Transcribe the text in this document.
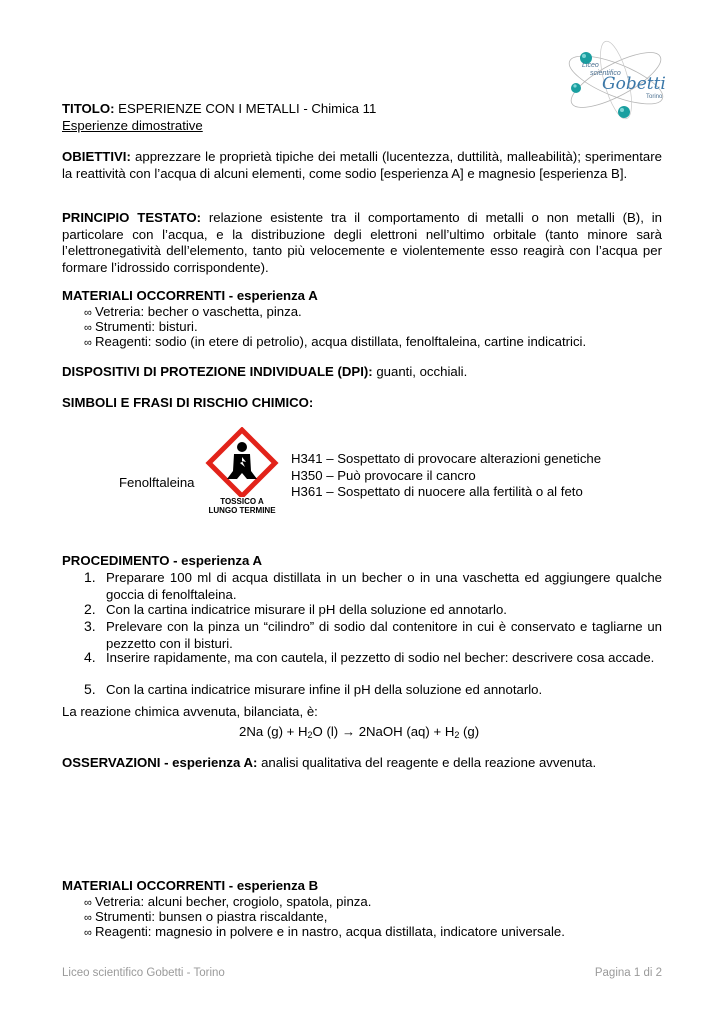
Liceo
scientifico
Gobetti
Torino
TITOLO: ESPERIENZE CON I METALLI - Chimica 11
Esperienze dimostrative
OBIETTIVI: apprezzare le proprietà tipiche dei metalli (lucentezza, duttilità, malleabilità); sperimentare la reattività con l’acqua di alcuni elementi, come sodio [esperienza A] e magnesio [esperienza B].
PRINCIPIO TESTATO: relazione esistente tra il comportamento di metalli o non metalli (B), in particolare con l’acqua, e la distribuzione degli elettroni nell’ultimo orbitale (tanto minore sarà l’elettronegatività dell’elemento, tanto più velocemente e violentemente esso reagirà con l’acqua per formare l’idrossido corrispondente).
MATERIALI OCCORRENTI - esperienza A
∞ Vetreria: becher o vaschetta, pinza.
∞ Strumenti: bisturi.
∞ Reagenti: sodio (in etere di petrolio), acqua distillata, fenolftaleina, cartine indicatrici.
DISPOSITIVI DI PROTEZIONE INDIVIDUALE (DPI): guanti, occhiali.
SIMBOLI E FRASI DI RISCHIO CHIMICO:
Fenolftaleina
TOSSICO A
LUNGO TERMINE
H341 – Sospettato di provocare alterazioni genetiche
H350 – Può provocare il cancro
H361 – Sospettato di nuocere alla fertilità o al feto
PROCEDIMENTO - esperienza A
1. Preparare 100 ml di acqua distillata in un becher o in una vaschetta ed aggiungere qualche goccia di fenolftaleina.
2. Con la cartina indicatrice misurare il pH della soluzione ed annotarlo.
3. Prelevare con la pinza un “cilindro” di sodio dal contenitore in cui è conservato e tagliarne un pezzetto con il bisturi.
4. Inserire rapidamente, ma con cautela, il pezzetto di sodio nel becher: descrivere cosa accade.
5. Con la cartina indicatrice misurare infine il pH della soluzione ed annotarlo.
La reazione chimica avvenuta, bilanciata, è:
2Na $(g) + H_2O$ (l) → 2NaOH $(aq) + H_2$ (g)
OSSERVAZIONI - esperienza A: analisi qualitativa del reagente e della reazione avvenuta.
MATERIALI OCCORRENTI - esperienza B
∞ Vetreria: alcuni becher, crogiolo, spatola, pinza.
∞ Strumenti: bunsen o piastra riscaldante,
∞ Reagenti: magnesio in polvere e in nastro, acqua distillata, indicatore universale.
Liceo scientifico Gobetti - Torino	Pagina 1 di 2
